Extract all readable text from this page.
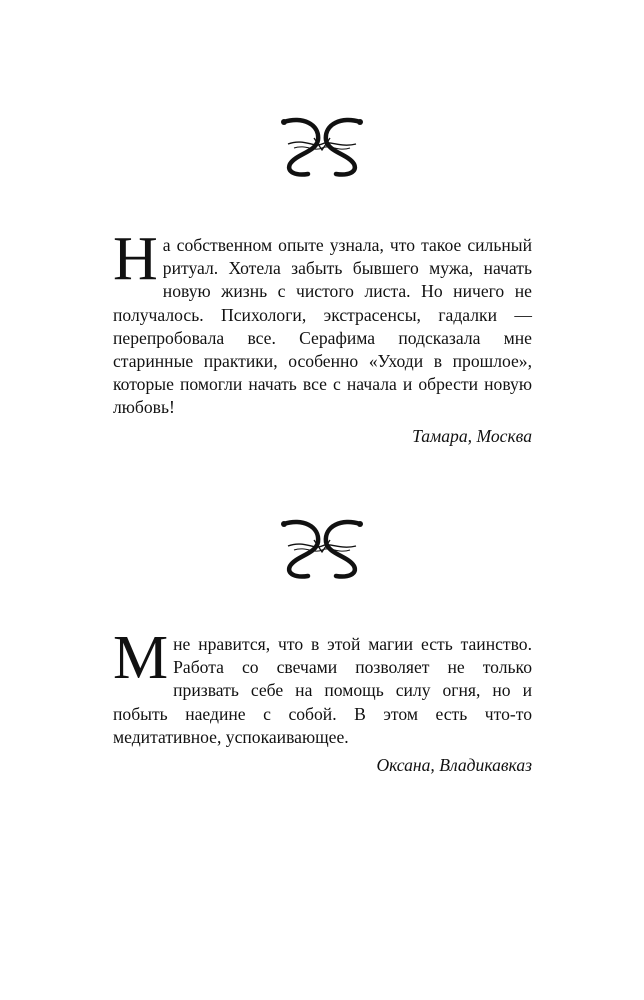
На собственном опыте узнала, что такое сильный ритуал. Хотела забыть бывшего мужа, начать новую жизнь с чистого листа. Но ничего не получалось. Психологи, экстрасенсы, гадалки — перепробовала все. Серафима подсказала мне старинные практики, особенно «Уходи в прошлое», которые помогли начать все с начала и обрести новую любовь!

Тамара, Москва

Мне нравится, что в этой магии есть таинство. Работа со свечами позволяет не только призвать себе на помощь силу огня, но и побыть наедине с собой. В этом есть что-то медитативное, успокаивающее.

Оксана, Владикавказ
